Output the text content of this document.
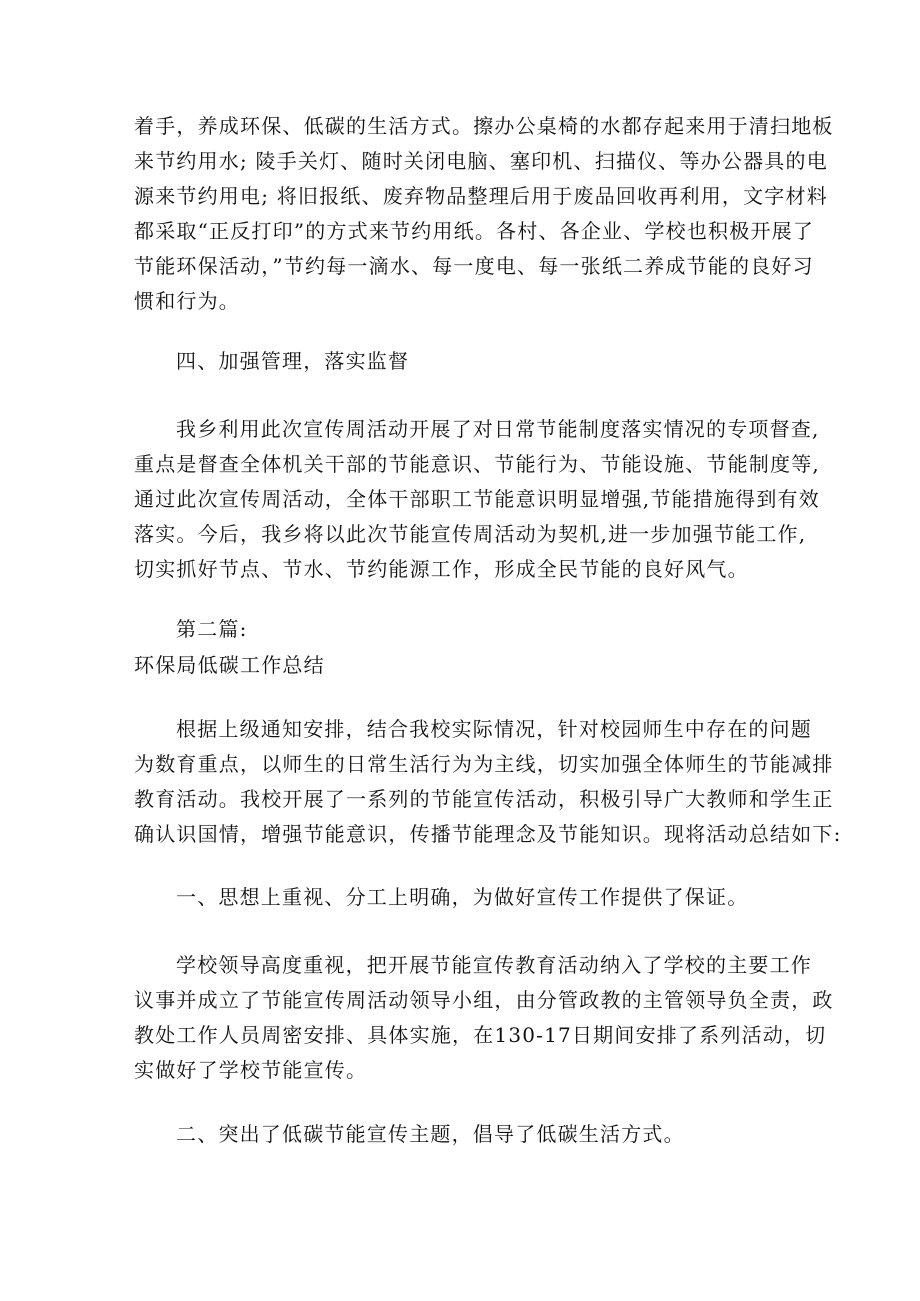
着手，养成环保、低碳的生活方式。擦办公桌椅的水都存起来用于清扫地板
来节约用水; 陵手关灯、随时关闭电脑、塞印机、扫描仪、等办公器具的电
源来节约用电; 将旧报纸、废弃物品整理后用于废品回收再利用，文字材料
都采取“正反打印”的方式来节约用纸。各村、各企业、学校也积极开展了
节能环保活动，”节约每一滴水、每一度电、每一张纸二养成节能的良好习
惯和行为。
四、加强管理，落实监督
我乡利用此次宣传周活动开展了对日常节能制度落实情况的专项督查,
重点是督查全体机关干部的节能意识、节能行为、节能设施、节能制度等,
通过此次宣传周活动，全体干部职工节能意识明显增强,节能措施得到有效
落实。今后，我乡将以此次节能宣传周活动为契机,进一步加强节能工作,
切实抓好节点、节水、节约能源工作，形成全民节能的良好风气。
第二篇:
环保局低碳工作总结
根据上级通知安排，结合我校实际情况，针对校园师生中存在的问题
为数育重点，以师生的日常生活行为为主线，切实加强全体师生的节能减排
教育活动。我校开展了一系列的节能宣传活动，积极引导广大教师和学生正
确认识国情，增强节能意识，传播节能理念及节能知识。现将活动总结如下:
一、思想上重视、分工上明确，为做好宣传工作提供了保证。
学校领导高度重视，把开展节能宣传教育活动纳入了学校的主要工作
议事并成立了节能宣传周活动领导小组，由分管政教的主管领导负全责，政
教处工作人员周密安排、具体实施，在130-17日期间安排了系列活动，切
实做好了学校节能宣传。
二、突出了低碳节能宣传主题，倡导了低碳生活方式。
